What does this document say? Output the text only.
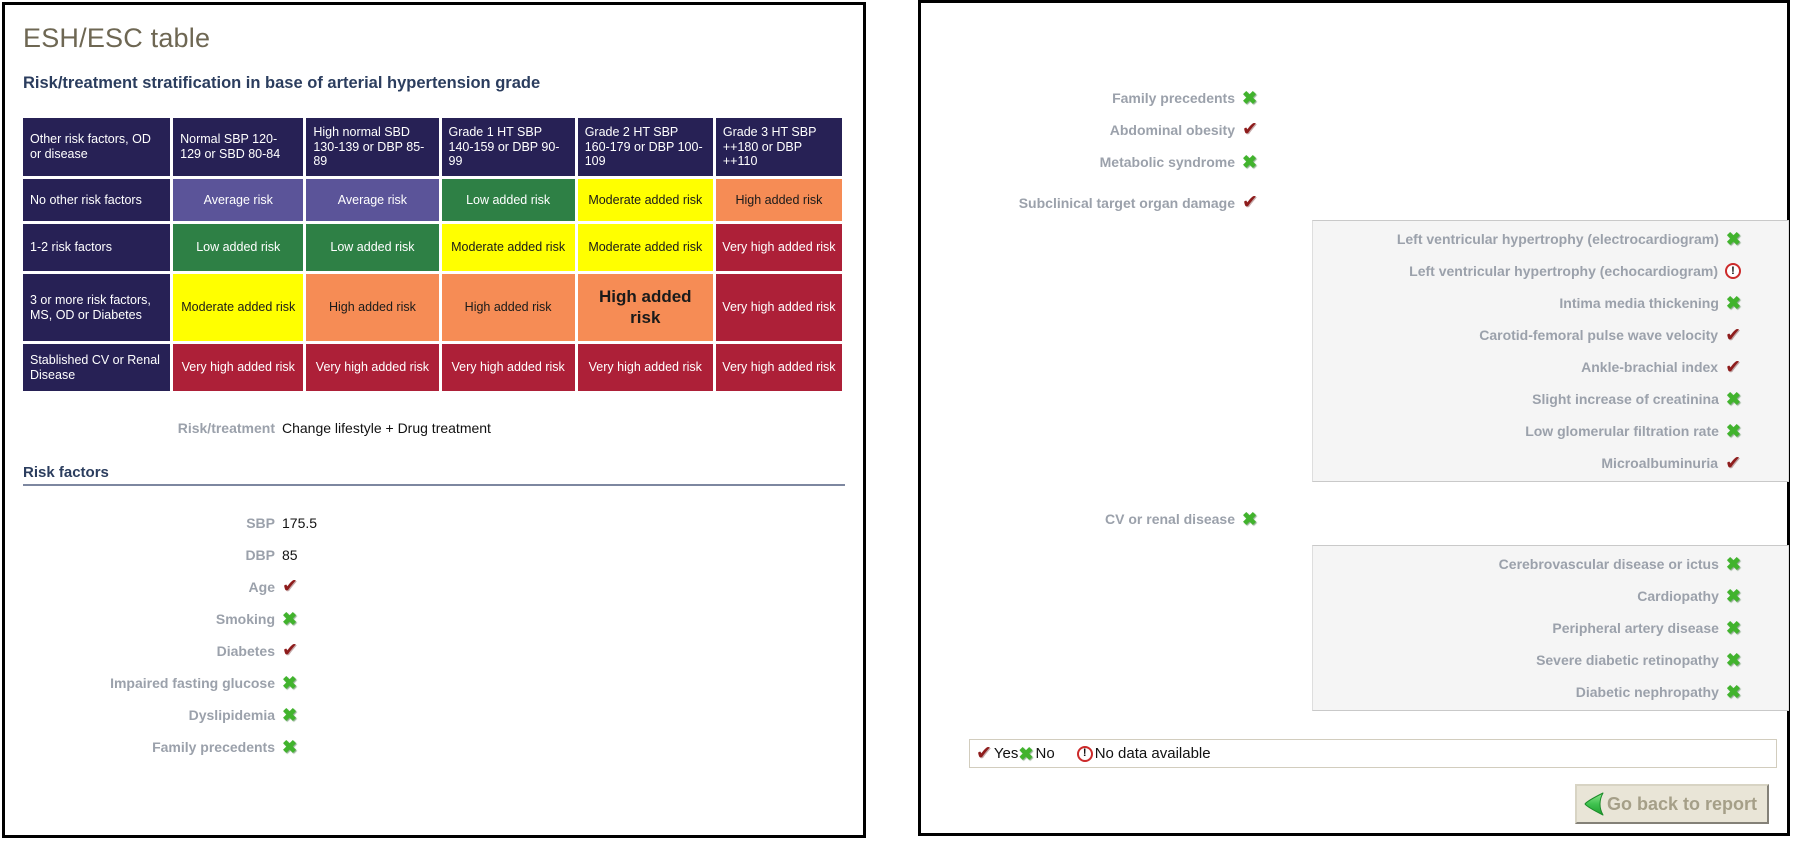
ESH/ESC table
Risk/treatment stratification in base of arterial hypertension grade
Other risk factors, OD or disease	Normal SBP 120-129 or SBD 80-84	High normal SBD 130-139 or DBP 85-89	Grade 1 HT SBP 140-159 or DBP 90-99	Grade 2 HT SBP 160-179 or DBP 100-109	Grade 3 HT SBP ++180 or DBP ++110
No other risk factors	Average risk	Average risk	Low added risk	Moderate added risk	High added risk
1-2 risk factors	Low added risk	Low added risk	Moderate added risk	Moderate added risk	Very high added risk
3 or more risk factors, MS, OD or Diabetes	Moderate added risk	High added risk	High added risk	High added risk	Very high added risk
Stablished CV or Renal Disease	Very high added risk	Very high added risk	Very high added risk	Very high added risk	Very high added risk
Risk/treatment Change lifestyle + Drug treatment
Risk factors
SBP 175.5
DBP 85
Age ✔
Smoking ✖
Diabetes ✔
Impaired fasting glucose ✖
Dyslipidemia ✖
Family precedents ✖
Family precedents ✖
Abdominal obesity ✔
Metabolic syndrome ✖
Subclinical target organ damage ✔
Left ventricular hypertrophy (electrocardiogram) ✖
Left ventricular hypertrophy (echocardiogram)	!
Intima media thickening ✖
Carotid-femoral pulse wave velocity ✔
Ankle-brachial index ✔
Slight increase of creatinina ✖
Low glomerular filtration rate ✖
Microalbuminuria ✔
CV or renal disease ✖
Cerebrovascular disease or ictus ✖
Cardiopathy ✖
Peripheral artery disease ✖
Severe diabetic retinopathy ✖
Diabetic nephropathy ✖
✔ Yes ✖ No	! No data available
Go back to report
